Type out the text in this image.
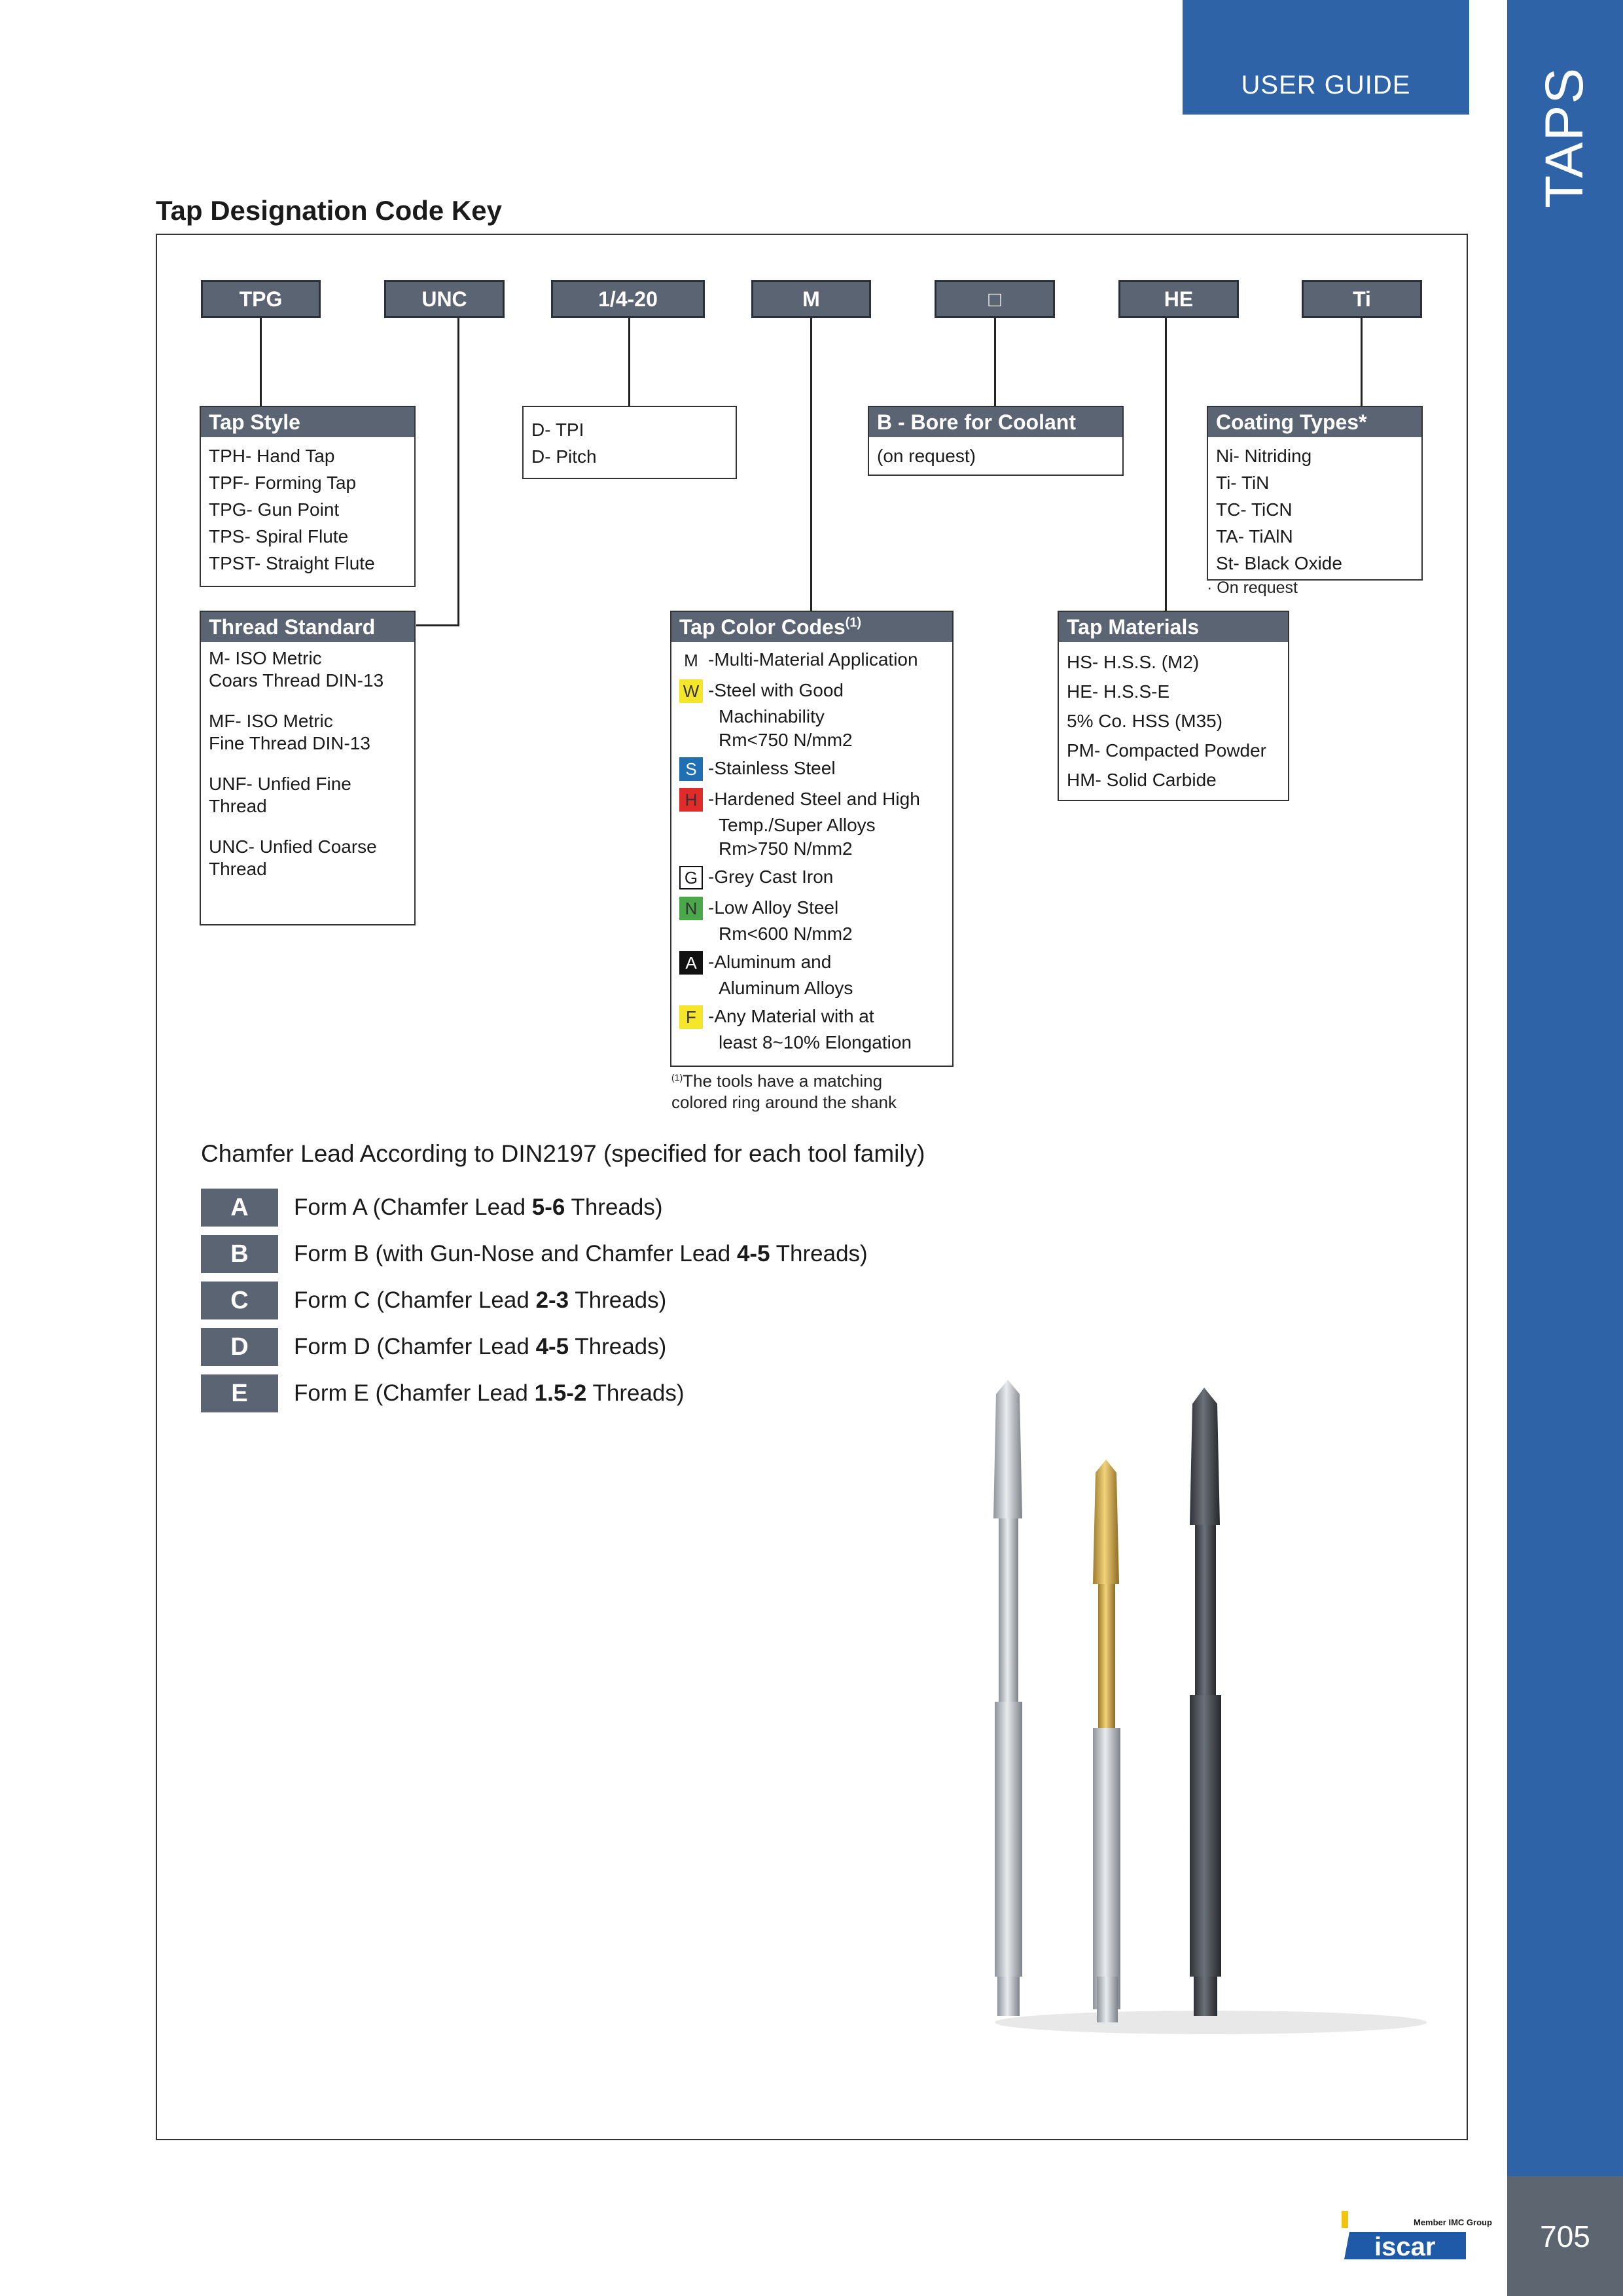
USER GUIDE TAPS
705
Tap Designation Code Key
TPG	UNC	1/4-20	M	□	HE	Ti
Tap Style
TPH- Hand Tap
TPF- Forming Tap
TPG- Gun Point
TPS- Spiral Flute
TPST- Straight Flute
D- TPI
D- Pitch
B - Bore for Coolant
(on request)
Coating Types*
Ni- Nitriding
Ti- TiN
TC- TiCN
TA- TiAlN
St- Black Oxide
· On request
Thread Standard
M- ISO Metric
Coars Thread DIN-13
MF- ISO Metric
Fine Thread DIN-13
UNF- Unfied Fine
Thread
UNC- Unfied Coarse
Thread
Tap Color Codes$^{(1)}$
M -Multi-Material Application
W -Steel with Good
Machinability
Rm<750 N/mm2
S -Stainless Steel
H -Hardened Steel and High
Temp./Super Alloys
Rm>750 N/mm2
G -Grey Cast Iron
N -Low Alloy Steel
Rm<600 N/mm2
A -Aluminum and
Aluminum Alloys
F -Any Material with at
least 8~10% Elongation
$^{(1)}$The tools have a matching
colored ring around the shank
Tap Materials
HS- H.S.S. (M2)
HE- H.S.S-E
5% Co. HSS (M35)
PM- Compacted Powder
HM- Solid Carbide
Chamfer Lead According to DIN2197 (specified for each tool family)
A	Form A (Chamfer Lead 5-6 Threads)
B	Form B (with Gun-Nose and Chamfer Lead 4-5 Threads)
C	Form C (Chamfer Lead 2-3 Threads)
D	Form D (Chamfer Lead 4-5 Threads)
E	Form E (Chamfer Lead 1.5-2 Threads)
Member IMC Group
iscar
